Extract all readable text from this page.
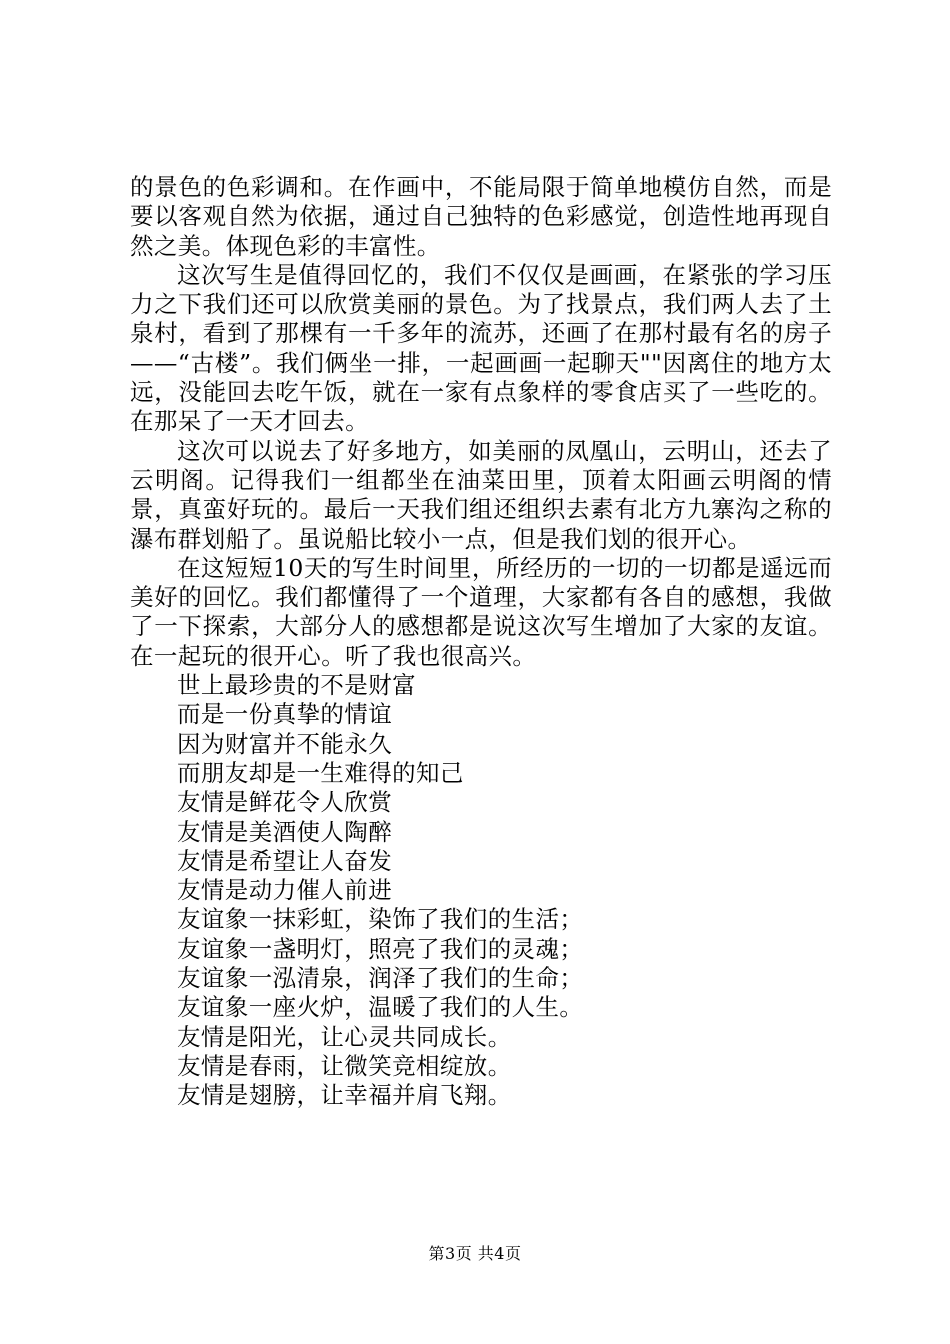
的景色的色彩调和。在作画中，不能局限于简单地模仿自然，而是要以客观自然为依据，通过自己独特的色彩感觉，创造性地再现自然之美。体现色彩的丰富性。

这次写生是值得回忆的，我们不仅仅是画画，在紧张的学习压力之下我们还可以欣赏美丽的景色。为了找景点，我们两人去了土泉村，看到了那棵有一千多年的流苏，还画了在那村最有名的房子——“古楼”。我们俩坐一排，一起画画一起聊天""因离住的地方太远，没能回去吃午饭，就在一家有点象样的零食店买了一些吃的。在那呆了一天才回去。

这次可以说去了好多地方，如美丽的凤凰山，云明山，还去了云明阁。记得我们一组都坐在油菜田里，顶着太阳画云明阁的情景，真蛮好玩的。最后一天我们组还组织去素有北方九寨沟之称的瀑布群划船了。虽说船比较小一点，但是我们划的很开心。

在这短短10天的写生时间里，所经历的一切的一切都是遥远而美好的回忆。我们都懂得了一个道理，大家都有各自的感想，我做了一下探索，大部分人的感想都是说这次写生增加了大家的友谊。在一起玩的很开心。听了我也很高兴。

世上最珍贵的不是财富
而是一份真挚的情谊
因为财富并不能永久
而朋友却是一生难得的知己
友情是鲜花令人欣赏
友情是美酒使人陶醉
友情是希望让人奋发
友情是动力催人前进
友谊象一抹彩虹，染饰了我们的生活；
友谊象一盏明灯，照亮了我们的灵魂；
友谊象一泓清泉，润泽了我们的生命；
友谊象一座火炉，温暖了我们的人生。
友情是阳光，让心灵共同成长。
友情是春雨，让微笑竞相绽放。
友情是翅膀，让幸福并肩飞翔。
第3页 共4页
